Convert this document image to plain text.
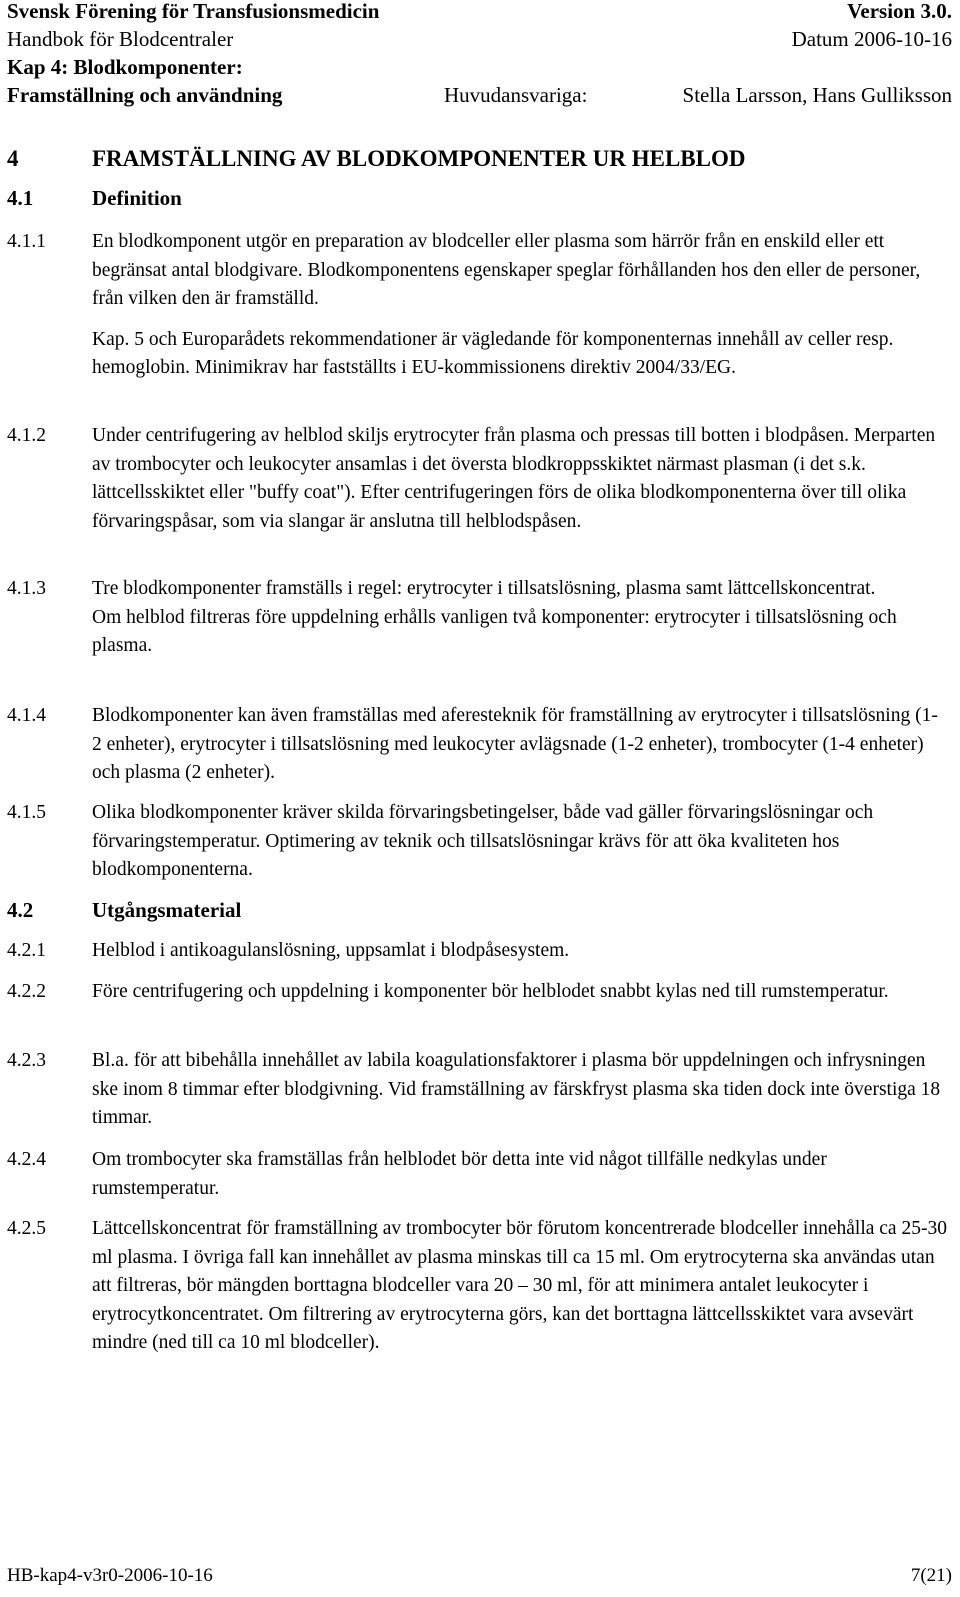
Svensk Förening för Transfusionsmedicin	Version 3.0.
Handbok för Blodcentraler	Datum 2006-10-16
Kap 4: Blodkomponenter:
Framställning och användning	Huvudansvariga:	Stella Larsson, Hans Gulliksson
4	FRAMSTÄLLNING AV BLODKOMPONENTER UR HELBLOD
4.1	Definition
4.1.1 En blodkomponent utgör en preparation av blodceller eller plasma som härrör från en enskild eller ett begränsat antal blodgivare. Blodkomponentens egenskaper speglar förhållanden hos den eller de personer, från vilken den är framställd.

Kap. 5 och Europarådets rekommendationer är vägledande för komponenternas innehåll av celler resp. hemoglobin. Minimikrav har fastställts i EU-kommissionens direktiv 2004/33/EG.

4.1.2 Under centrifugering av helblod skiljs erytrocyter från plasma och pressas till botten i blodpåsen. Merparten av trombocyter och leukocyter ansamlas i det översta blodkroppsskiktet närmast plasman (i det s.k. lättcellsskiktet eller "buffy coat"). Efter centrifugeringen förs de olika blodkomponenterna över till olika förvaringspåsar, som via slangar är anslutna till helblodspåsen.

4.1.3 Tre blodkomponenter framställs i regel: erytrocyter i tillsatslösning, plasma samt lättcellskoncentrat.

Om helblod filtreras före uppdelning erhålls vanligen två komponenter: erytrocyter i tillsatslösning och plasma.

4.1.4 Blodkomponenter kan även framställas med aferesteknik för framställning av erytrocyter i tillsatslösning (1-2 enheter), erytrocyter i tillsatslösning med leukocyter avlägsnade (1-2 enheter), trombocyter (1-4 enheter) och plasma (2 enheter).

4.1.5 Olika blodkomponenter kräver skilda förvaringsbetingelser, både vad gäller förvaringslösningar och förvaringstemperatur. Optimering av teknik och tillsatslösningar krävs för att öka kvaliteten hos blodkomponenterna.

4.2	Utgångsmaterial
4.2.1 Helblod i antikoagulanslösning, uppsamlat i blodpåsesystem.

4.2.2 Före centrifugering och uppdelning i komponenter bör helblodet snabbt kylas ned till rumstemperatur.

4.2.3 Bl.a. för att bibehålla innehållet av labila koagulationsfaktorer i plasma bör uppdelningen och infrysningen ske inom 8 timmar efter blodgivning. Vid framställning av färskfryst plasma ska tiden dock inte överstiga 18 timmar.

4.2.4 Om trombocyter ska framställas från helblodet bör detta inte vid något tillfälle nedkylas under rumstemperatur.

4.2.5 Lättcellskoncentrat för framställning av trombocyter bör förutom koncentrerade blodceller innehålla ca 25-30 ml plasma. I övriga fall kan innehållet av plasma minskas till ca 15 ml. Om erytrocyterna ska användas utan att filtreras, bör mängden borttagna blodceller vara 20 – 30 ml, för att minimera antalet leukocyter i erytrocytkoncentratet. Om filtrering av erytrocyterna görs, kan det borttagna lättcellsskiktet vara avsevärt mindre (ned till ca 10 ml blodceller).

HB-kap4-v3r0-2006-10-16	7(21)
